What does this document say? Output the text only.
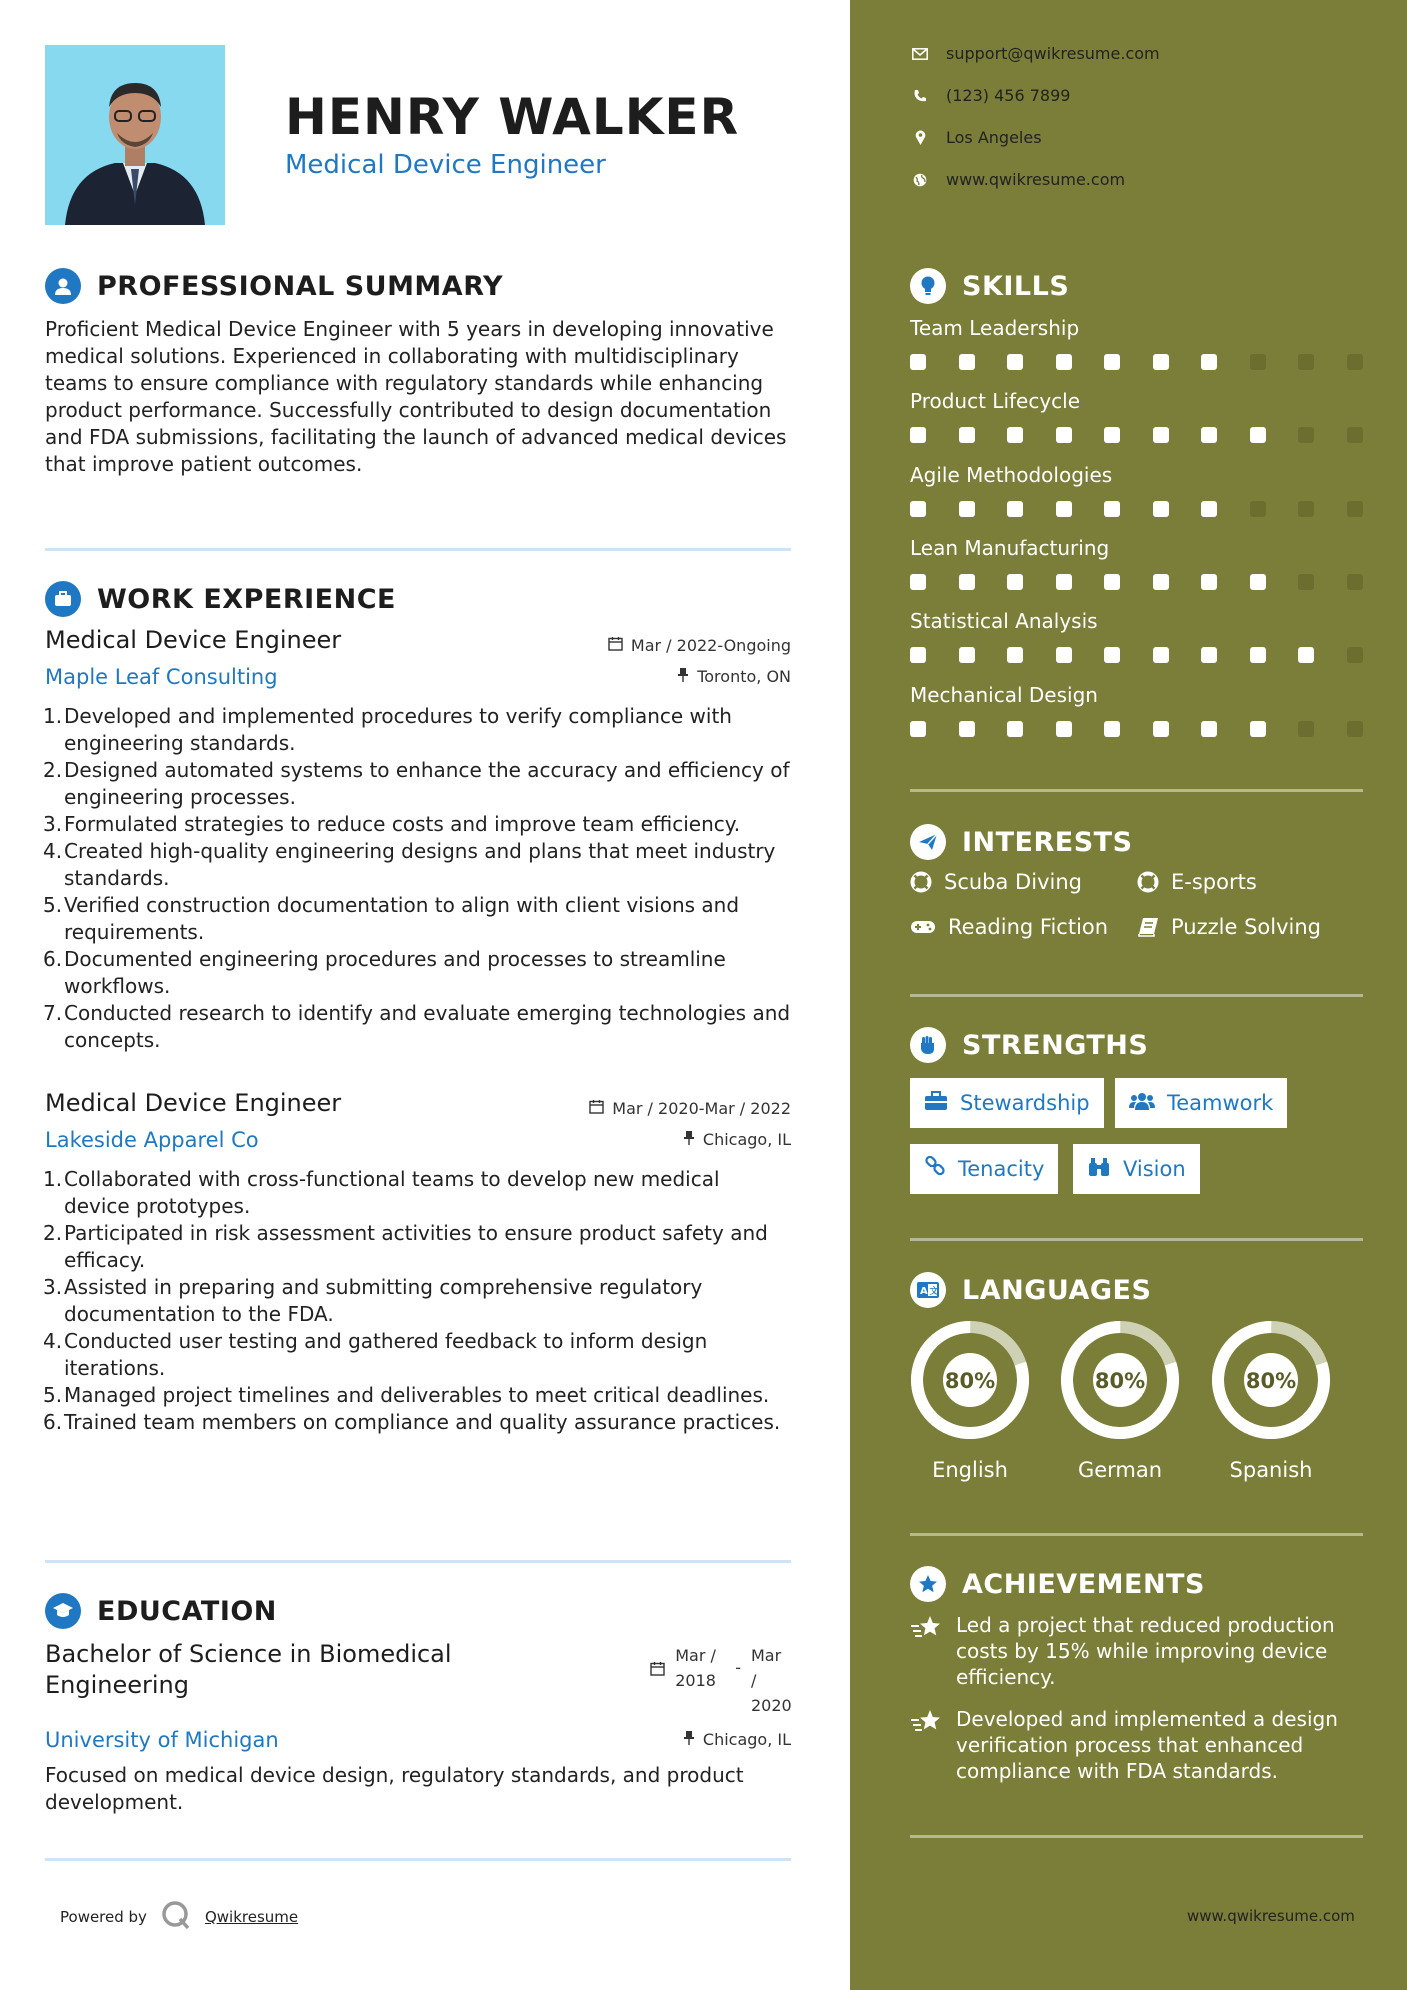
HENRY WALKER
Medical Device Engineer
PROFESSIONAL SUMMARY
Proficient Medical Device Engineer with 5 years in developing innovative medical solutions. Experienced in collaborating with multidisciplinary teams to ensure compliance with regulatory standards while enhancing product performance. Successfully contributed to design documentation and FDA submissions, facilitating the launch of advanced medical devices that improve patient outcomes.
WORK EXPERIENCE
Medical Device Engineer	Mar / 2022-Ongoing
Maple Leaf Consulting	Toronto, ON
1. Developed and implemented procedures to verify compliance with engineering standards.
2. Designed automated systems to enhance the accuracy and efficiency of engineering processes.
3. Formulated strategies to reduce costs and improve team efficiency.
4. Created high-quality engineering designs and plans that meet industry standards.
5. Verified construction documentation to align with client visions and requirements.
6. Documented engineering procedures and processes to streamline workflows.
7. Conducted research to identify and evaluate emerging technologies and concepts.
Medical Device Engineer	Mar / 2020-Mar / 2022
Lakeside Apparel Co	Chicago, IL
1. Collaborated with cross-functional teams to develop new medical device prototypes.
2. Participated in risk assessment activities to ensure product safety and efficacy.
3. Assisted in preparing and submitting comprehensive regulatory documentation to the FDA.
4. Conducted user testing and gathered feedback to inform design iterations.
5. Managed project timelines and deliverables to meet critical deadlines.
6. Trained team members on compliance and quality assurance practices.
EDUCATION
Bachelor of Science in Biomedical
Engineering
Mar /
2018
-
Mar /
2020
University of Michigan	Chicago, IL
Focused on medical device design, regulatory standards, and product development.
Powered by	Qwikresume
support@qwikresume.com
(123) 456 7899
Los Angeles
www.qwikresume.com
SKILLS
Team Leadership
Product Lifecycle
Agile Methodologies
Lean Manufacturing
Statistical Analysis
Mechanical Design
INTERESTS
Scuba Diving	E-sports
Reading Fiction	Puzzle Solving
STRENGTHS
Stewardship	Teamwork
Tenacity	Vision
A 文 LANGUAGES
80%
English
80%
German
80%
Spanish
ACHIEVEMENTS
Led a project that reduced production costs by 15% while improving device efficiency.
Developed and implemented a design verification process that enhanced compliance with FDA standards.
www.qwikresume.com
